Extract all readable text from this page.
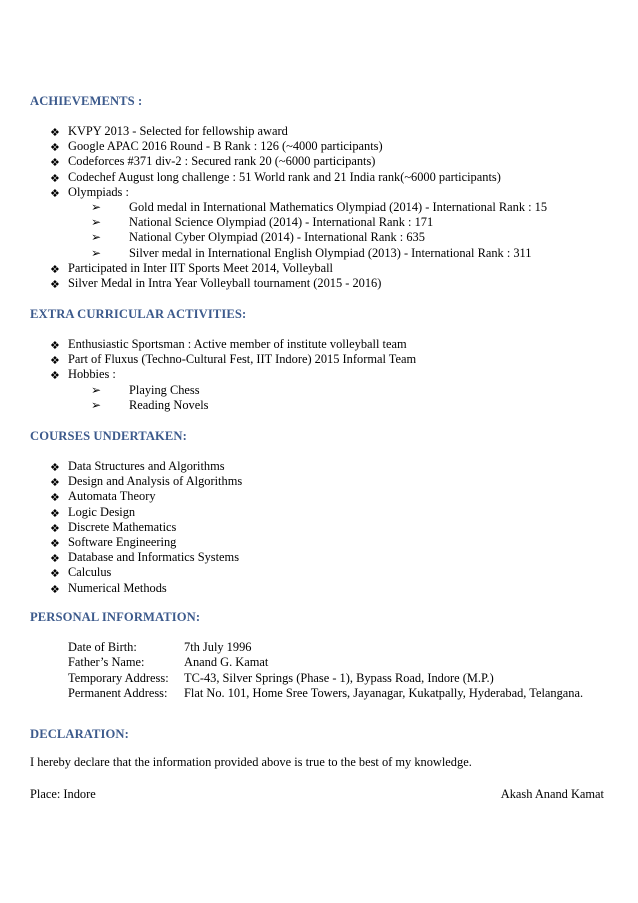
ACHIEVEMENTS :
❖ KVPY 2013 - Selected for fellowship award
❖ Google APAC 2016 Round - B Rank : 126 (~4000 participants)
❖ Codeforces #371 div-2 : Secured rank 20 (~6000 participants)
❖ Codechef August long challenge : 51 World rank and 21 India rank(~6000 participants)
❖ Olympiads :
➢ Gold medal in International Mathematics Olympiad (2014) - International Rank : 15
➢ National Science Olympiad (2014) - International Rank : 171
➢ National Cyber Olympiad (2014) - International Rank : 635
➢ Silver medal in International English Olympiad (2013) - International Rank : 311
❖ Participated in Inter IIT Sports Meet 2014, Volleyball
❖ Silver Medal in Intra Year Volleyball tournament (2015 - 2016)
EXTRA CURRICULAR ACTIVITIES:
❖ Enthusiastic Sportsman : Active member of institute volleyball team
❖ Part of Fluxus (Techno-Cultural Fest, IIT Indore) 2015 Informal Team
❖ Hobbies :
➢ Playing Chess
➢ Reading Novels
COURSES UNDERTAKEN:
❖ Data Structures and Algorithms
❖ Design and Analysis of Algorithms
❖ Automata Theory
❖ Logic Design
❖ Discrete Mathematics
❖ Software Engineering
❖ Database and Informatics Systems
❖ Calculus
❖ Numerical Methods
PERSONAL INFORMATION:
Date of Birth:	7th July 1996
Father’s Name:	Anand G. Kamat
Temporary Address: TC-43, Silver Springs (Phase - 1), Bypass Road, Indore (M.P.)
Permanent Address: Flat No. 101, Home Sree Towers, Jayanagar, Kukatpally, Hyderabad, Telangana.
DECLARATION:
I hereby declare that the information provided above is true to the best of my knowledge.
Place: Indore	Akash Anand Kamat
